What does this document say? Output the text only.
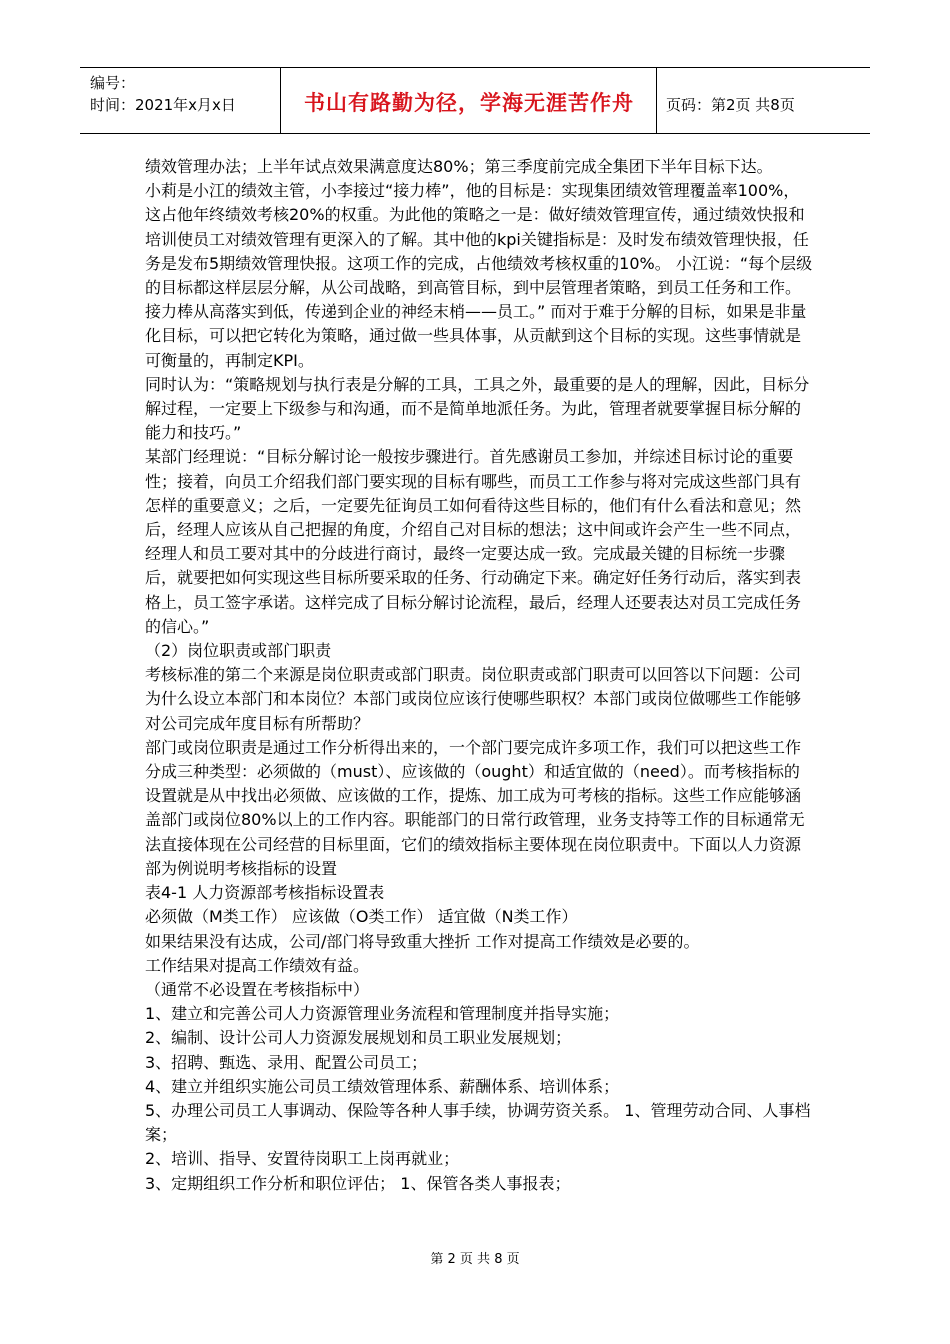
编号：
时间：2021年x月x日	书山有路勤为径，学海无涯苦作舟	页码：第2页 共8页

绩效管理办法；上半年试点效果满意度达80%；第三季度前完成全集团下半年目标下达。

小莉是小江的绩效主管，小李接过“接力棒”，他的目标是：实现集团绩效管理覆盖率100%，这占他年终绩效考核20%的权重。为此他的策略之一是：做好绩效管理宣传，通过绩效快报和培训使员工对绩效管理有更深入的了解。其中他的kpi关键指标是：及时发布绩效管理快报，任务是发布5期绩效管理快报。这项工作的完成，占他绩效考核权重的10%。 小江说：“每个层级的目标都这样层层分解，从公司战略，到高管目标，到中层管理者策略，到员工任务和工作。接力棒从高落实到低，传递到企业的神经末梢——员工。” 而对于难于分解的目标，如果是非量化目标，可以把它转化为策略，通过做一些具体事，从贡献到这个目标的实现。这些事情就是可衡量的，再制定KPI。

同时认为：“策略规划与执行表是分解的工具，工具之外，最重要的是人的理解，因此，目标分解过程，一定要上下级参与和沟通，而不是简单地派任务。为此，管理者就要掌握目标分解的能力和技巧。”

某部门经理说：“目标分解讨论一般按步骤进行。首先感谢员工参加，并综述目标讨论的重要性；接着，向员工介绍我们部门要实现的目标有哪些，而员工工作参与将对完成这些部门具有怎样的重要意义；之后，一定要先征询员工如何看待这些目标的，他们有什么看法和意见；然后，经理人应该从自己把握的角度，介绍自己对目标的想法；这中间或许会产生一些不同点，经理人和员工要对其中的分歧进行商讨，最终一定要达成一致。完成最关键的目标统一步骤后，就要把如何实现这些目标所要采取的任务、行动确定下来。确定好任务行动后，落实到表格上，员工签字承诺。这样完成了目标分解讨论流程，最后，经理人还要表达对员工完成任务的信心。”

（2）岗位职责或部门职责

考核标准的第二个来源是岗位职责或部门职责。岗位职责或部门职责可以回答以下问题：公司为什么设立本部门和本岗位？本部门或岗位应该行使哪些职权？本部门或岗位做哪些工作能够对公司完成年度目标有所帮助？

部门或岗位职责是通过工作分析得出来的，一个部门要完成许多项工作，我们可以把这些工作分成三种类型：必须做的（must）、应该做的（ought）和适宜做的（need）。而考核指标的设置就是从中找出必须做、应该做的工作，提炼、加工成为可考核的指标。这些工作应能够涵盖部门或岗位80%以上的工作内容。职能部门的日常行政管理，业务支持等工作的目标通常无法直接体现在公司经营的目标里面，它们的绩效指标主要体现在岗位职责中。下面以人力资源部为例说明考核指标的设置

表4-1 人力资源部考核指标设置表

必须做（M类工作） 应该做（O类工作） 适宜做（N类工作）

如果结果没有达成，公司/部门将导致重大挫折 工作对提高工作绩效是必要的。

工作结果对提高工作绩效有益。

（通常不必设置在考核指标中）

1、建立和完善公司人力资源管理业务流程和管理制度并指导实施；

2、编制、设计公司人力资源发展规划和员工职业发展规划；

3、招聘、甄选、录用、配置公司员工；

4、建立并组织实施公司员工绩效管理体系、薪酬体系、培训体系；

5、办理公司员工人事调动、保险等各种人事手续，协调劳资关系。 1、管理劳动合同、人事档案；

2、培训、指导、安置待岗职工上岗再就业；

3、定期组织工作分析和职位评估； 1、保管各类人事报表；

第 2 页 共 8 页
